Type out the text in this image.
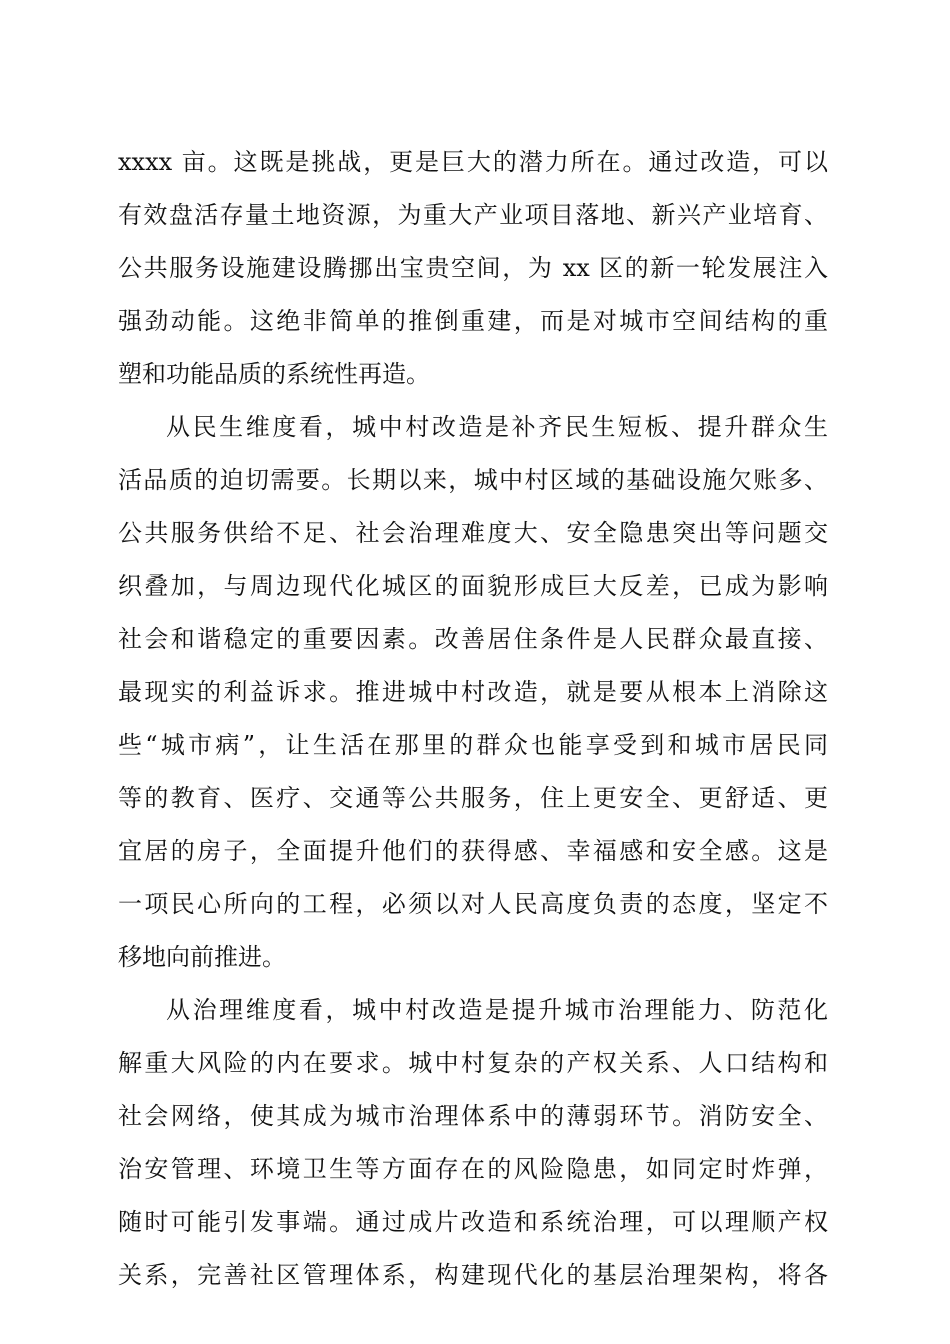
xxxx 亩。这既是挑战，更是巨大的潜力所在。通过改造，可以
有效盘活存量土地资源，为重大产业项目落地、新兴产业培育、
公共服务设施建设腾挪出宝贵空间，为 xx 区的新一轮发展注入
强劲动能。这绝非简单的推倒重建，而是对城市空间结构的重
塑和功能品质的系统性再造。
从民生维度看，城中村改造是补齐民生短板、提升群众生
活品质的迫切需要。长期以来，城中村区域的基础设施欠账多、
公共服务供给不足、社会治理难度大、安全隐患突出等问题交
织叠加，与周边现代化城区的面貌形成巨大反差，已成为影响
社会和谐稳定的重要因素。改善居住条件是人民群众最直接、
最现实的利益诉求。推进城中村改造，就是要从根本上消除这
些“城市病”，让生活在那里的群众也能享受到和城市居民同
等的教育、医疗、交通等公共服务，住上更安全、更舒适、更
宜居的房子，全面提升他们的获得感、幸福感和安全感。这是
一项民心所向的工程，必须以对人民高度负责的态度，坚定不
移地向前推进。
从治理维度看，城中村改造是提升城市治理能力、防范化
解重大风险的内在要求。城中村复杂的产权关系、人口结构和
社会网络，使其成为城市治理体系中的薄弱环节。消防安全、
治安管理、环境卫生等方面存在的风险隐患，如同定时炸弹，
随时可能引发事端。通过成片改造和系统治理，可以理顺产权
关系，完善社区管理体系，构建现代化的基层治理架构，将各
